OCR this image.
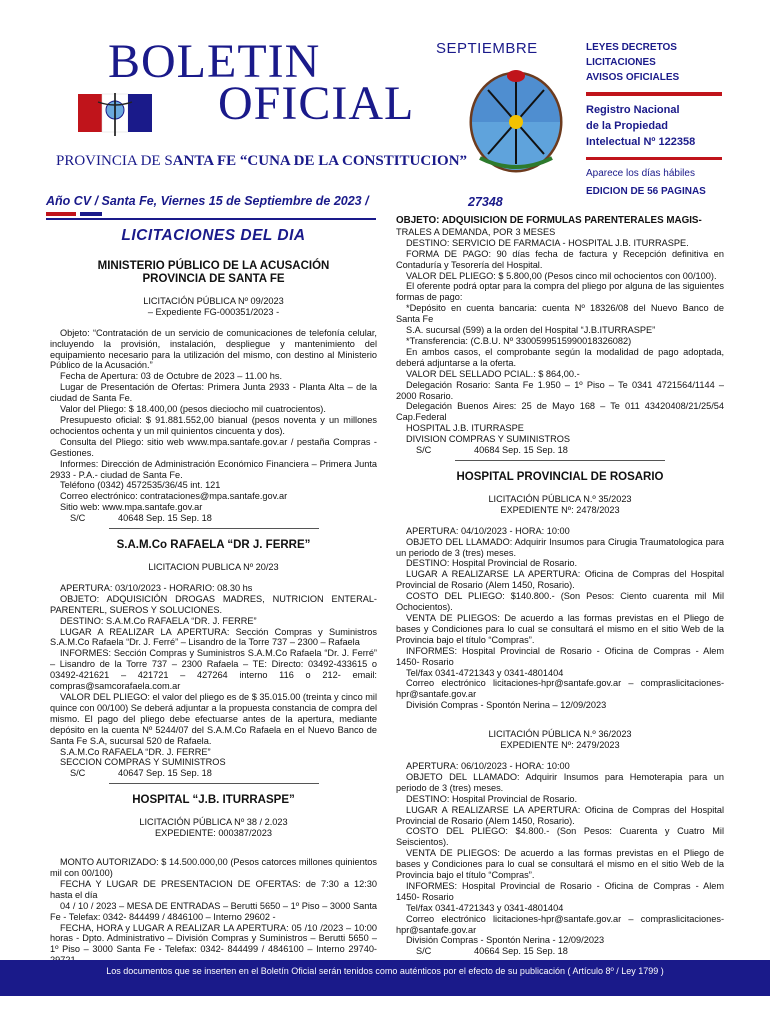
BOLETIN
OFICIAL
PROVINCIA DE SANTA FE “CUNA DE LA CONSTITUCION”
SEPTIEMBRE	LEYES DECRETOS
LICITACIONES
AVISOS OFICIALES
Registro Nacional
de la Propiedad
Intelectual Nº 122358
Aparece los días hábiles
EDICION DE 56 PAGINAS
Año CV / Santa Fe, Viernes 15 de Septiembre de 2023 /	27348
LICITACIONES DEL DIA

MINISTERIO PÚBLICO DE LA ACUSACIÓN

PROVINCIA DE SANTA FE

LICITACIÓN PÚBLICA Nº 09/2023

– Expediente FG-000351/2023 -

Objeto: “Contratación de un servicio de comunicaciones de telefonía celular, incluyendo la provisión, instalación, despliegue y mantenimiento del equipamiento necesario para la utilización del mismo, con destino al Ministerio Público de la Acusación.”

Fecha de Apertura: 03 de Octubre de 2023 – 11.00 hs.

Lugar de Presentación de Ofertas: Primera Junta 2933 - Planta Alta – de la ciudad de Santa Fe.

Valor del Pliego: $ 18.400,00 (pesos dieciocho mil cuatrocientos).

Presupuesto oficial: $ 91.881.552,00 bianual (pesos noventa y un millones ochocientos ochenta y un mil quinientos cincuenta y dos).

Consulta del Pliego: sitio web www.mpa.santafe.gov.ar / pestaña Compras - Gestiones.

Informes: Dirección de Administración Económico Financiera – Primera Junta 2933 - P.A.- ciudad de Santa Fe.

Teléfono (0342) 4572535/36/45 int. 121

Correo electrónico: contrataciones@mpa.santafe.gov.ar

Sitio web: www.mpa.santafe.gov.ar

S/C	40648 Sep. 15 Sep. 18

S.A.M.Co RAFAELA “DR J. FERRE”

LICITACION PUBLICA Nº 20/23

APERTURA: 03/10/2023 - HORARIO: 08.30 hs

OBJETO: ADQUISICIÓN DROGAS MADRES, NUTRICION ENTERAL-PARENTERL, SUEROS Y SOLUCIONES.

DESTINO: S.A.M.Co RAFAELA “DR. J. FERRE”

LUGAR A REALIZAR LA APERTURA: Sección Compras y Suministros S.A.M.Co Rafaela “Dr. J. Ferré” – Lisandro de la Torre 737 – 2300 – Rafaela

INFORMES: Sección Compras y Suministros S.A.M.Co Rafaela “Dr. J. Ferré” – Lisandro de la Torre 737 – 2300 Rafaela – TE: Directo: 03492-433615 o 03492-421621 – 421721 – 427264 interno 116 o 212- email: compras@samcorafaela.com.ar

VALOR DEL PLIEGO: el valor del pliego es de $ 35.015.00 (treinta y cinco mil quince con 00/100) Se deberá adjuntar a la propuesta constancia de compra del mismo. El pago del pliego debe efectuarse antes de la apertura, mediante depósito en la cuenta Nº 5244/07 del S.A.M.Co Rafaela en el Nuevo Banco de Santa Fe S.A, sucursal 520 de Rafaela.

S.A.M.Co RAFAELA “DR. J. FERRE”

SECCION COMPRAS Y SUMINISTROS

S/C	40647 Sep. 15 Sep. 18

HOSPITAL “J.B. ITURRASPE”

LICITACIÓN PÚBLICA Nº 38 / 2.023

EXPEDIENTE: 000387/2023

MONTO AUTORIZADO: $ 14.500.000,00 (Pesos catorces millones quinientos mil con 00/100)

FECHA Y LUGAR DE PRESENTACION DE OFERTAS: de 7:30 a 12:30 hasta el día

04 / 10 / 2023 – MESA DE ENTRADAS – Berutti 5650 – 1º Piso – 3000 Santa Fe - Telefax: 0342- 844499 / 4846100 – Interno 29602 -

FECHA, HORA y LUGAR A REALIZAR LA APERTURA: 05 /10 /2023 – 10:00 horas - Dpto. Administrativo – División Compras y Suministros – Berutti 5650 – 1º Piso – 3000 Santa Fe - Telefax: 0342- 844499 / 4846100 – Interno 29740-

OBJETO: ADQUISICION DE FORMULAS PARENTERALES MAGIS-

TRALES A DEMANDA, POR 3 MESES

DESTINO: SERVICIO DE FARMACIA - HOSPITAL J.B. ITURRASPE.

FORMA DE PAGO: 90 días fecha de factura y Recepción definitiva en Contaduría y Tesorería del Hospital.

VALOR DEL PLIEGO: $ 5.800,00 (Pesos cinco mil ochocientos con 00/100).

El oferente podrá optar para la compra del pliego por alguna de las siguientes formas de pago:

*Depósito en cuenta bancaria: cuenta Nº 18326/08 del Nuevo Banco de Santa Fe

S.A. sucursal (599) a la orden del Hospital “J.B.ITURRASPE”

*Transferencia: (C.B.U. Nº 3300599515990018326082)

En ambos casos, el comprobante según la modalidad de pago adoptada, deberá adjuntarse a la oferta.

VALOR DEL SELLADO PCIAL.: $ 864,00.-

Delegación Rosario: Santa Fe 1.950 – 1º Piso – Te 0341 4721564/1144 – 2000 Rosario.

Delegación Buenos Aires: 25 de Mayo 168 – Te 011 43420408/21/25/54 Cap.Federal

HOSPITAL J.B. ITURRASPE

DIVISION COMPRAS Y SUMINISTROS

S/C	40684 Sep. 15 Sep. 18

HOSPITAL PROVINCIAL DE ROSARIO

LICITACIÓN PÚBLICA N.º 35/2023

EXPEDIENTE Nº: 2478/2023

APERTURA: 04/10/2023 - HORA: 10:00

OBJETO DEL LLAMADO: Adquirir Insumos para Cirugia Traumatologica para un periodo de 3 (tres) meses.

DESTINO: Hospital Provincial de Rosario.

LUGAR A REALIZARSE LA APERTURA: Oficina de Compras del Hospital Provincial de Rosario (Alem 1450, Rosario).

COSTO DEL PLIEGO: $140.800.- (Son Pesos: Ciento cuarenta mil Mil Ochocientos).

VENTA DE PLIEGOS: De acuerdo a las formas previstas en el Pliego de bases y Condiciones para lo cual se consultará el mismo en el sitio Web de la Provincia bajo el título “Compras”.

INFORMES: Hospital Provincial de Rosario - Oficina de Compras - Alem 1450- Rosario

Tel/fax 0341-4721343 y 0341-4801404

Correo electrónico licitaciones-hpr@santafe.gov.ar – compraslicitaciones-hpr@santafe.gov.ar

División Compras - Spontón Nerina – 12/09/2023

LICITACIÓN PÚBLICA N.º 36/2023

EXPEDIENTE Nº: 2479/2023

APERTURA: 06/10/2023 - HORA: 10:00

OBJETO DEL LLAMADO: Adquirir Insumos para Hemoterapia para un periodo de 3 (tres) meses.

DESTINO: Hospital Provincial de Rosario.

LUGAR A REALIZARSE LA APERTURA: Oficina de Compras del Hospital Provincial de Rosario (Alem 1450, Rosario).

COSTO DEL PLIEGO: $4.800.- (Son Pesos: Cuarenta y Cuatro Mil Seiscientos).

VENTA DE PLIEGOS: De acuerdo a las formas previstas en el Pliego de bases y Condiciones para lo cual se consultará el mismo en el sitio Web de la Provincia bajo el título “Compras”.

INFORMES: Hospital Provincial de Rosario - Oficina de Compras - Alem 1450- Rosario

Tel/fax 0341-4721343 y 0341-4801404

Correo electrónico licitaciones-hpr@santafe.gov.ar – compraslicitaciones-hpr@santafe.gov.ar

División Compras - Spontón Nerina - 12/09/2023

S/C	40664 Sep. 15 Sep. 18

Los documentos que se inserten en el Boletín Oficial serán tenidos como auténticos por el efecto de su publicación ( Artículo 8º / Ley 1799 )
